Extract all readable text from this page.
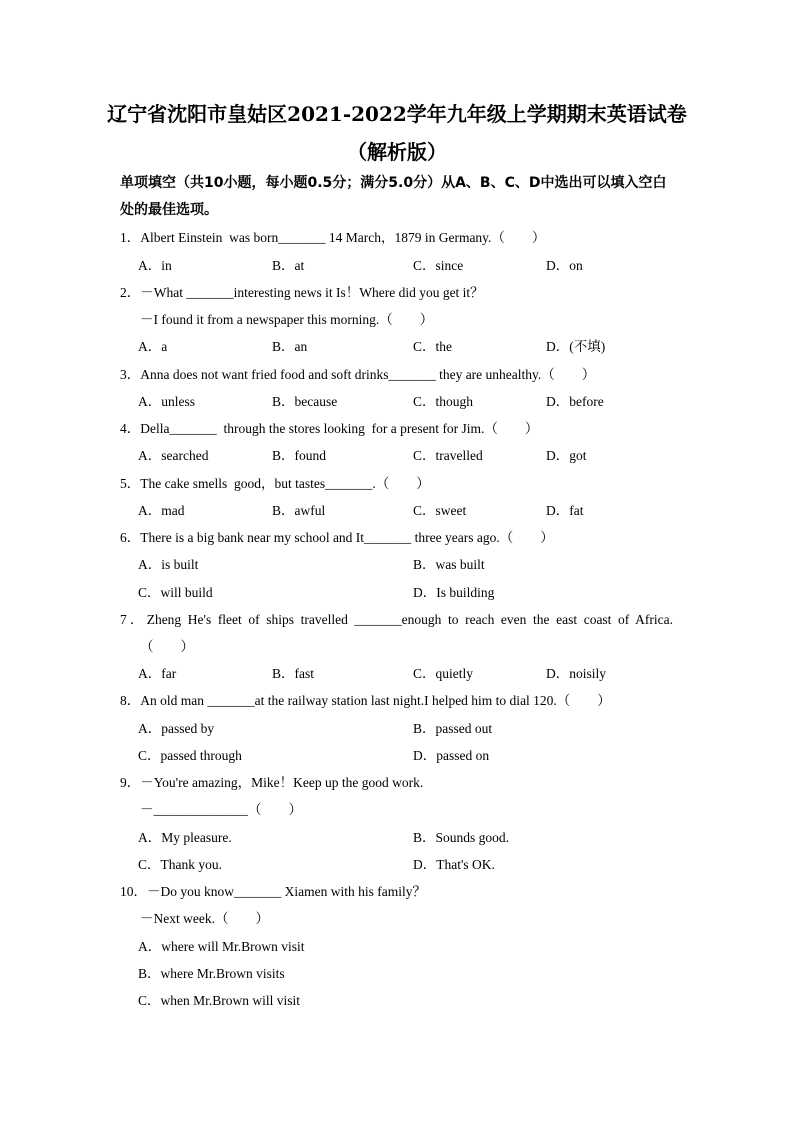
辽宁省沈阳市皇姑区2021-2022学年九年级上学期期末英语试卷
（解析版）
单项填空（共10小题，每小题0.5分；满分5.0分）从A、B、C、D中选出可以填入空白处的最佳选项。
1．Albert Einstein  was born_______ 14 March，1879 in Germany.（        ）
A．in	B．at	C．since	D．on
2．－What _______interesting news it Is！Where did you get it？
－I found it from a newspaper this morning.（        ）
A．a	B．an	C．the	D．(不填)
3．Anna does not want fried food and soft drinks_______ they are unhealthy.（        ）
A．unless	B．because	C．though	D．before
4．Della_______  through the stores looking  for a present for Jim.（        ）
A．searched	B．found	C．travelled	D．got
5．The cake smells  good，but tastes_______.（        ）
A．mad	B．awful	C．sweet	D．fat
6．There is a big bank near my school and It_______ three years ago.（        ）
A．is built	B．was built
C．will build	D．Is building
7．Zheng He's fleet of ships travelled _______enough to reach even the east coast of Africa.
（        ）
A．far	B．fast	C．quietly	D．noisily
8．An old man _______at the railway station last night.I helped him to dial 120.（        ）
A．passed by	B．passed out
C．passed through	D．passed on
9．－You're amazing，Mike！Keep up the good work.
－______________（        ）
A．My pleasure.	B．Sounds good.
C．Thank you.	D．That's OK.
10．－Do you know_______ Xiamen with his family？
－Next week.（        ）
A．where will Mr.Brown visit
B．where Mr.Brown visits
C．when Mr.Brown will visit
